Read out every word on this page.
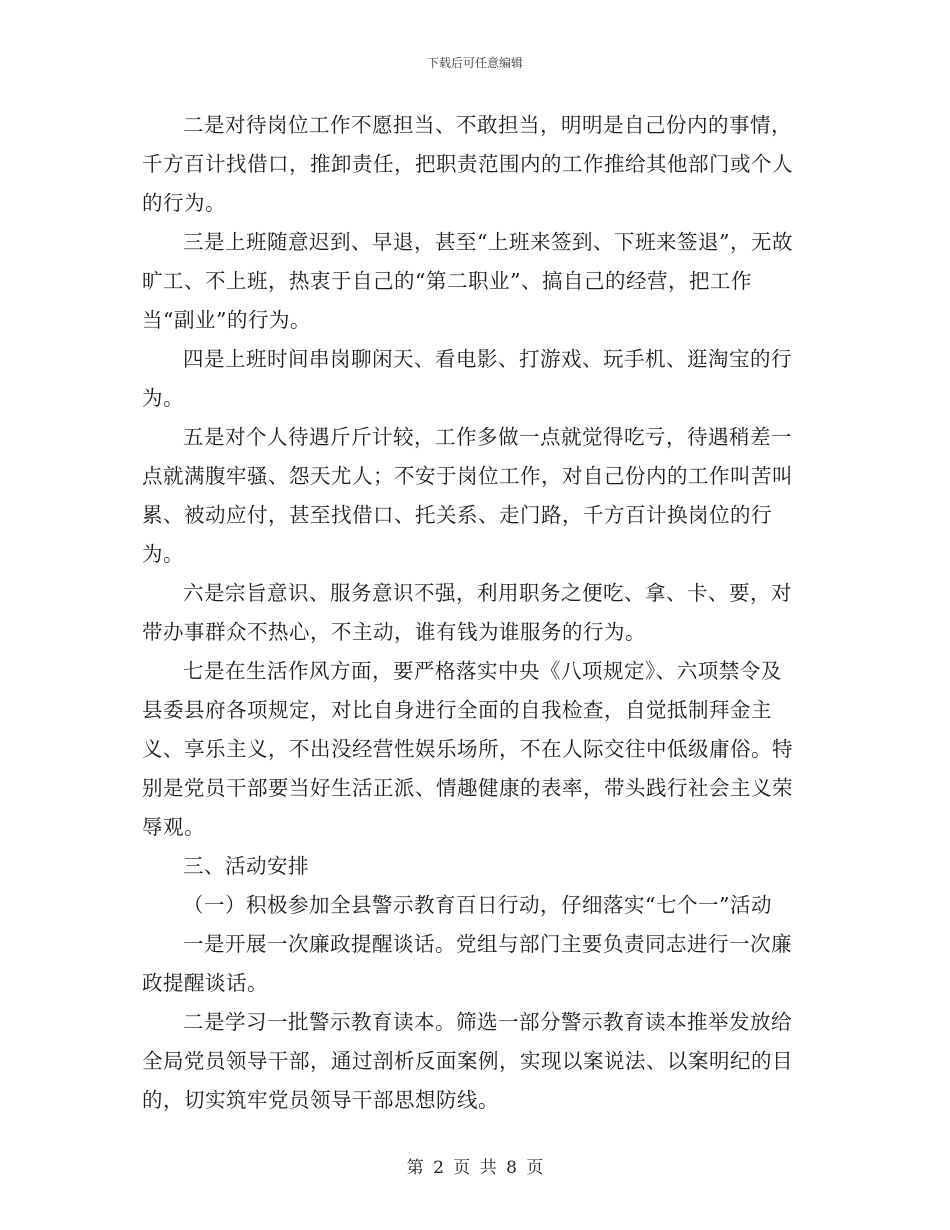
下载后可任意编辑

二是对待岗位工作不愿担当、不敢担当，明明是自己份内的事情，千方百计找借口，推卸责任，把职责范围内的工作推给其他部门或个人的行为。

三是上班随意迟到、早退，甚至“上班来签到、下班来签退”，无故旷工、不上班，热衷于自己的“第二职业”、搞自己的经营，把工作当“副业”的行为。

四是上班时间串岗聊闲天、看电影、打游戏、玩手机、逛淘宝的行为。

五是对个人待遇斤斤计较，工作多做一点就觉得吃亏，待遇稍差一点就满腹牢骚、怨天尤人；不安于岗位工作，对自己份内的工作叫苦叫累、被动应付，甚至找借口、托关系、走门路，千方百计换岗位的行为。

六是宗旨意识、服务意识不强，利用职务之便吃、拿、卡、要，对带办事群众不热心，不主动，谁有钱为谁服务的行为。

七是在生活作风方面，要严格落实中央《八项规定》、六项禁令及县委县府各项规定，对比自身进行全面的自我检查，自觉抵制拜金主义、享乐主义，不出没经营性娱乐场所，不在人际交往中低级庸俗。特别是党员干部要当好生活正派、情趣健康的表率，带头践行社会主义荣辱观。

三、活动安排

（一）积极参加全县警示教育百日行动，仔细落实“七个一”活动

一是开展一次廉政提醒谈话。党组与部门主要负责同志进行一次廉政提醒谈话。

二是学习一批警示教育读本。筛选一部分警示教育读本推举发放给全局党员领导干部，通过剖析反面案例，实现以案说法、以案明纪的目的，切实筑牢党员领导干部思想防线。

第 2 页 共 8 页
